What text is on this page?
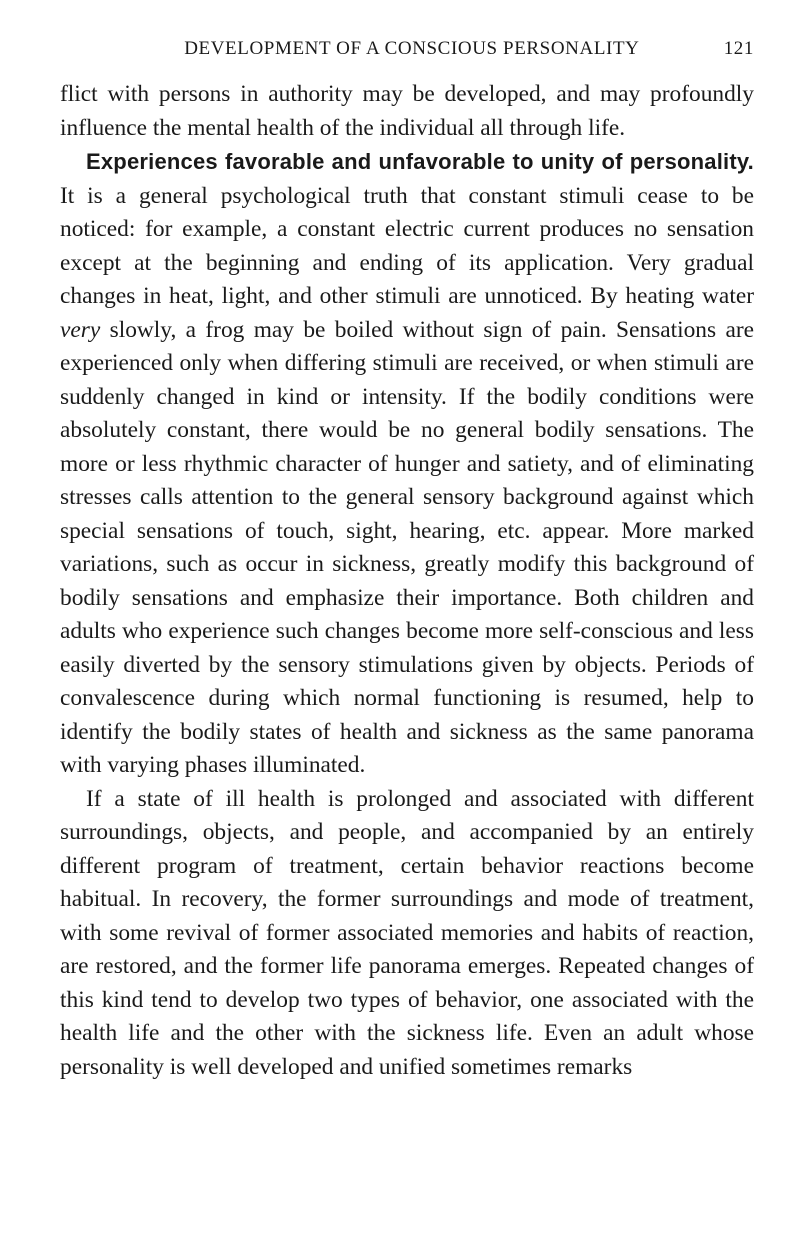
DEVELOPMENT OF A CONSCIOUS PERSONALITY	121

flict with persons in authority may be developed, and may profoundly influence the mental health of the individual all through life.

Experiences favorable and unfavorable to unity of personality. It is a general psychological truth that constant stimuli cease to be noticed: for example, a constant electric current produces no sensation except at the beginning and ending of its application. Very gradual changes in heat, light, and other stimuli are unnoticed. By heating water very slowly, a frog may be boiled without sign of pain. Sensations are experienced only when differing stimuli are received, or when stimuli are suddenly changed in kind or intensity. If the bodily conditions were absolutely constant, there would be no general bodily sensations. The more or less rhythmic character of hunger and satiety, and of eliminating stresses calls attention to the general sensory background against which special sensations of touch, sight, hearing, etc. appear. More marked variations, such as occur in sickness, greatly modify this background of bodily sensations and emphasize their importance. Both children and adults who experience such changes become more self-conscious and less easily diverted by the sensory stimulations given by objects. Periods of convalescence during which normal functioning is resumed, help to identify the bodily states of health and sickness as the same panorama with varying phases illuminated.

If a state of ill health is prolonged and associated with different surroundings, objects, and people, and accompanied by an entirely different program of treatment, certain behavior reactions become habitual. In recovery, the former surroundings and mode of treatment, with some revival of former associated memories and habits of reaction, are restored, and the former life panorama emerges. Repeated changes of this kind tend to develop two types of behavior, one associated with the health life and the other with the sickness life. Even an adult whose personality is well developed and unified sometimes remarks
